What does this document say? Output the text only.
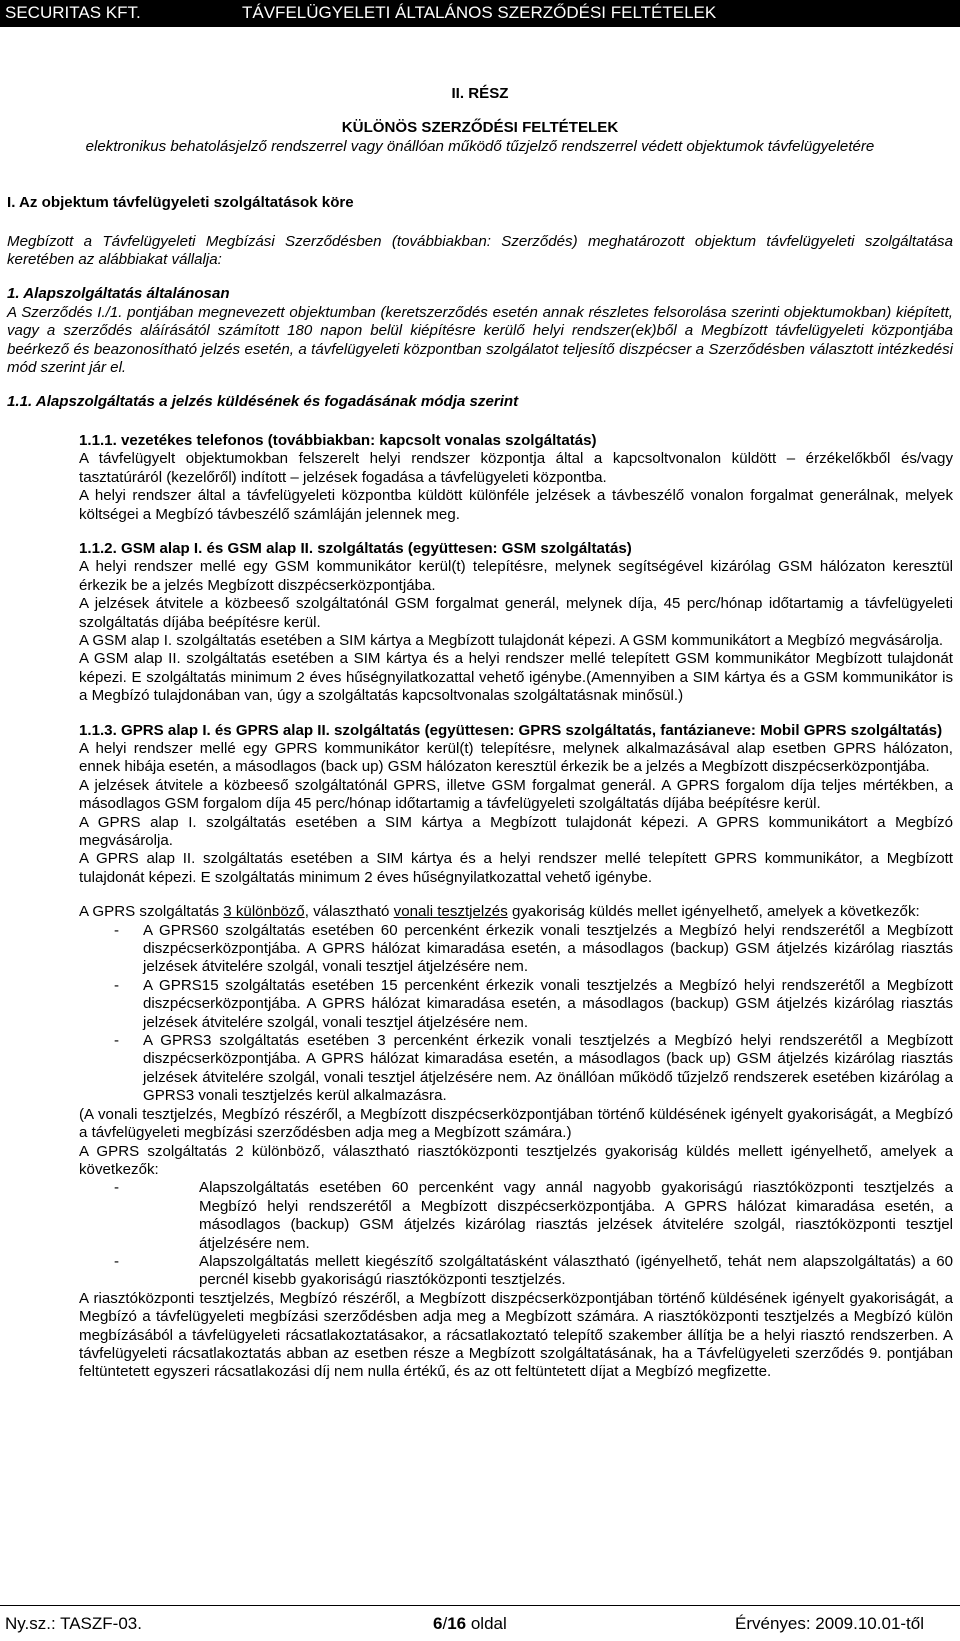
SECURITAS KFT.	TÁVFELÜGYELETI ÁLTALÁNOS SZERZŐDÉSI FELTÉTELEK

II. RÉSZ

KÜLÖNÖS SZERZŐDÉSI FELTÉTELEK

elektronikus behatolásjelző rendszerrel vagy önállóan működő tűzjelző rendszerrel védett objektumok távfelügyeletére

I. Az objektum távfelügyeleti szolgáltatások köre

Megbízott a Távfelügyeleti Megbízási Szerződésben (továbbiakban: Szerződés) meghatározott objektum távfelügyeleti szolgáltatása keretében az alábbiakat vállalja:

1. Alapszolgáltatás általánosan

A Szerződés I./1. pontjában megnevezett objektumban (keretszerződés esetén annak részletes felsorolása szerinti objektumokban) kiépített, vagy a szerződés aláírásától számított 180 napon belül kiépítésre kerülő helyi rendszer(ek)ből a Megbízott távfelügyeleti központjába beérkező és beazonosítható jelzés esetén, a távfelügyeleti központban szolgálatot teljesítő diszpécser a Szerződésben választott intézkedési mód szerint jár el.

1.1. Alapszolgáltatás a jelzés küldésének és fogadásának módja szerint

1.1.1. vezetékes telefonos (továbbiakban: kapcsolt vonalas szolgáltatás)

A távfelügyelt objektumokban felszerelt helyi rendszer központja által a kapcsoltvonalon küldött – érzékelőkből és/vagy tasztatúráról (kezelőről) indított – jelzések fogadása a távfelügyeleti központba.

A helyi rendszer által a távfelügyeleti központba küldött különféle jelzések a távbeszélő vonalon forgalmat generálnak, melyek költségei a Megbízó távbeszélő számláján jelennek meg.

1.1.2. GSM alap I. és GSM alap II. szolgáltatás (együttesen: GSM szolgáltatás)

A helyi rendszer mellé egy GSM kommunikátor kerül(t) telepítésre, melynek segítségével kizárólag GSM hálózaton keresztül érkezik be a jelzés Megbízott diszpécserközpontjába.

A jelzések átvitele a közbeeső szolgáltatónál GSM forgalmat generál, melynek díja, 45 perc/hónap időtartamig a távfelügyeleti szolgáltatás díjába beépítésre kerül.

A GSM alap I. szolgáltatás esetében a SIM kártya a Megbízott tulajdonát képezi. A GSM kommunikátort a Megbízó megvásárolja.

A GSM alap II. szolgáltatás esetében a SIM kártya és a helyi rendszer mellé telepített GSM kommunikátor Megbízott tulajdonát képezi. E szolgáltatás minimum 2 éves hűségnyilatkozattal vehető igénybe.(Amennyiben a SIM kártya és a GSM kommunikátor is a Megbízó tulajdonában van, úgy a szolgáltatás kapcsoltvonalas szolgáltatásnak minősül.)

1.1.3. GPRS alap I. és GPRS alap II. szolgáltatás (együttesen: GPRS szolgáltatás, fantázianeve: Mobil GPRS szolgáltatás)

A helyi rendszer mellé egy GPRS kommunikátor kerül(t) telepítésre, melynek alkalmazásával alap esetben GPRS hálózaton, ennek hibája esetén, a másodlagos (back up) GSM hálózaton keresztül érkezik be a jelzés a Megbízott diszpécserközpontjába.

A jelzések átvitele a közbeeső szolgáltatónál GPRS, illetve GSM forgalmat generál. A GPRS forgalom díja teljes mértékben, a másodlagos GSM forgalom díja 45 perc/hónap időtartamig a távfelügyeleti szolgáltatás díjába beépítésre kerül.

A GPRS alap I. szolgáltatás esetében a SIM kártya a Megbízott tulajdonát képezi. A GPRS kommunikátort a Megbízó megvásárolja.

A GPRS alap II. szolgáltatás esetében a SIM kártya és a helyi rendszer mellé telepített GPRS kommunikátor, a Megbízott tulajdonát képezi. E szolgáltatás minimum 2 éves hűségnyilatkozattal vehető igénybe.

A GPRS szolgáltatás 3 különböző, választható vonali tesztjelzés gyakoriság küldés mellet igényelhető, amelyek a következők:

- A GPRS60 szolgáltatás esetében 60 percenként érkezik vonali tesztjelzés a Megbízó helyi rendszerétől a Megbízott diszpécserközpontjába. A GPRS hálózat kimaradása esetén, a másodlagos (backup) GSM átjelzés kizárólag riasztás jelzések átvitelére szolgál, vonali tesztjel átjelzésére nem.
- A GPRS15 szolgáltatás esetében 15 percenként érkezik vonali tesztjelzés a Megbízó helyi rendszerétől a Megbízott diszpécserközpontjába. A GPRS hálózat kimaradása esetén, a másodlagos (backup) GSM átjelzés kizárólag riasztás jelzések átvitelére szolgál, vonali tesztjel átjelzésére nem.
- A GPRS3 szolgáltatás esetében 3 percenként érkezik vonali tesztjelzés a Megbízó helyi rendszerétől a Megbízott diszpécserközpontjába. A GPRS hálózat kimaradása esetén, a másodlagos (back up) GSM átjelzés kizárólag riasztás jelzések átvitelére szolgál, vonali tesztjel átjelzésére nem. Az önállóan működő tűzjelző rendszerek esetében kizárólag a GPRS3 vonali tesztjelzés kerül alkalmazásra.

(A vonali tesztjelzés, Megbízó részéről, a Megbízott diszpécserközpontjában történő küldésének igényelt gyakoriságát, a Megbízó a távfelügyeleti megbízási szerződésben adja meg a Megbízott számára.)

A GPRS szolgáltatás 2 különböző, választható riasztóközponti tesztjelzés gyakoriság küldés mellett igényelhető, amelyek a következők:

-	Alapszolgáltatás esetében 60 percenként vagy annál nagyobb gyakoriságú riasztóközponti tesztjelzés a Megbízó helyi rendszerétől a Megbízott diszpécserközpontjába. A GPRS hálózat kimaradása esetén, a másodlagos (backup) GSM átjelzés kizárólag riasztás jelzések átvitelére szolgál, riasztóközponti tesztjel átjelzésére nem.
-	Alapszolgáltatás mellett kiegészítő szolgáltatásként választható (igényelhető, tehát nem alapszolgáltatás) a 60 percnél kisebb gyakoriságú riasztóközponti tesztjelzés.

A riasztóközponti tesztjelzés, Megbízó részéről, a Megbízott diszpécserközpontjában történő küldésének igényelt gyakoriságát, a Megbízó a távfelügyeleti megbízási szerződésben adja meg a Megbízott számára. A riasztóközponti tesztjelzés a Megbízó külön megbízásából a távfelügyeleti rácsatlakoztatásakor, a rácsatlakoztató telepítő szakember állítja be a helyi riasztó rendszerben. A távfelügyeleti rácsatlakoztatás abban az esetben része a Megbízott szolgáltatásának, ha a Távfelügyeleti szerződés 9. pontjában feltüntetett egyszeri rácsatlakozási díj nem nulla értékű, és az ott feltüntetett díjat a Megbízó megfizette.

Ny.sz.: TASZF-03.	6/16 oldal	Érvényes: 2009.10.01-től
